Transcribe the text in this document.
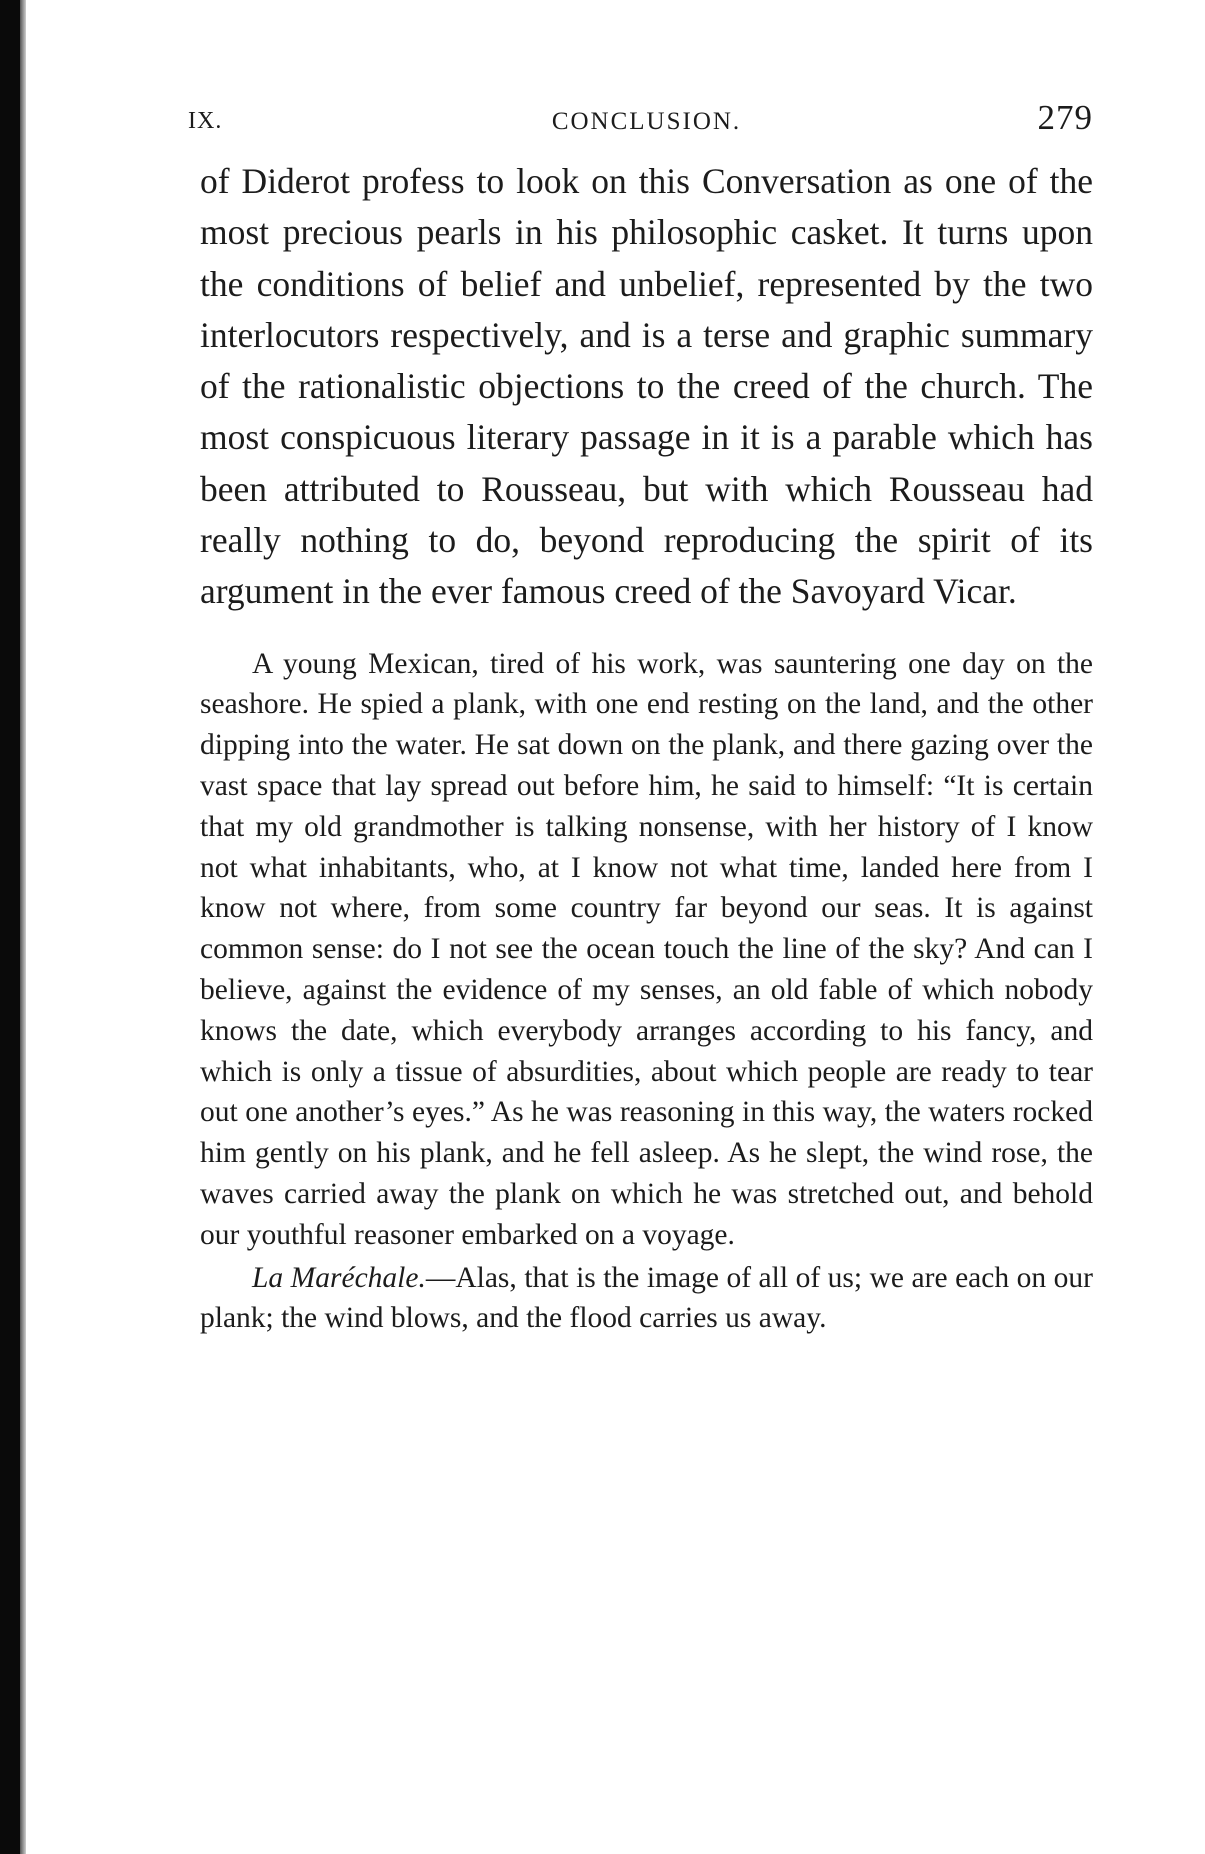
IX.	CONCLUSION.	279

of Diderot profess to look on this Conversation as one of the most precious pearls in his philosophic casket. It turns upon the conditions of belief and unbelief, represented by the two interlocutors respectively, and is a terse and graphic summary of the rationalistic objections to the creed of the church. The most conspicuous literary passage in it is a parable which has been attributed to Rousseau, but with which Rousseau had really nothing to do, beyond reproducing the spirit of its argument in the ever famous creed of the Savoyard Vicar.

A young Mexican, tired of his work, was sauntering one day on the seashore. He spied a plank, with one end resting on the land, and the other dipping into the water. He sat down on the plank, and there gazing over the vast space that lay spread out before him, he said to himself: “It is certain that my old grandmother is talking nonsense, with her history of I know not what inhabitants, who, at I know not what time, landed here from I know not where, from some country far beyond our seas. It is against common sense: do I not see the ocean touch the line of the sky? And can I believe, against the evidence of my senses, an old fable of which nobody knows the date, which everybody arranges according to his fancy, and which is only a tissue of absurdities, about which people are ready to tear out one another’s eyes.” As he was reasoning in this way, the waters rocked him gently on his plank, and he fell asleep. As he slept, the wind rose, the waves carried away the plank on which he was stretched out, and behold our youthful reasoner embarked on a voyage.

La Maréchale.—Alas, that is the image of all of us; we are each on our plank; the wind blows, and the flood carries us away.
